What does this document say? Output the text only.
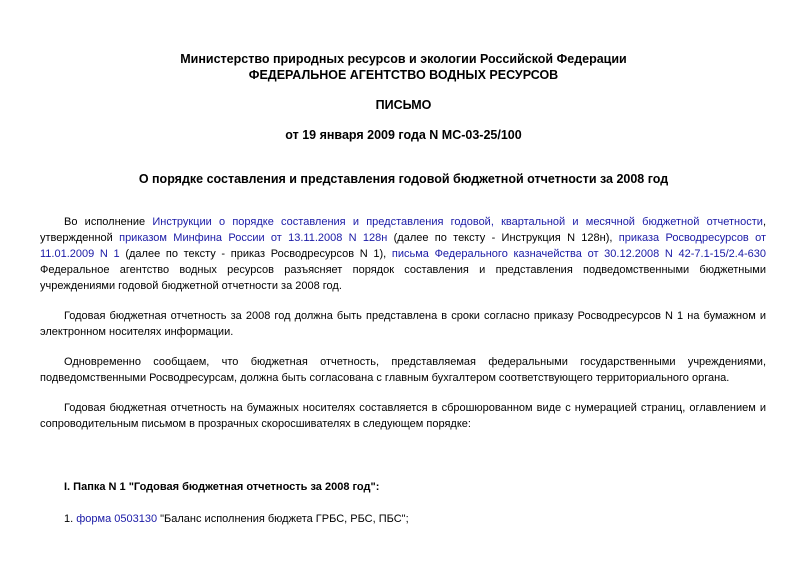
Министерство природных ресурсов и экологии Российской Федерации
ФЕДЕРАЛЬНОЕ АГЕНТСТВО ВОДНЫХ РЕСУРСОВ
ПИСЬМО
от 19 января 2009 года N МС-03-25/100
О порядке составления и представления годовой бюджетной отчетности за 2008 год
Во исполнение Инструкции о порядке составления и представления годовой, квартальной и месячной бюджетной отчетности, утвержденной приказом Минфина России от 13.11.2008 N 128н (далее по тексту - Инструкция N 128н), приказа Росводресурсов от 11.01.2009 N 1 (далее по тексту - приказ Росводресурсов N 1), письма Федерального казначейства от 30.12.2008 N 42-7.1-15/2.4-630 Федеральное агентство водных ресурсов разъясняет порядок составления и представления подведомственными бюджетными учреждениями годовой бюджетной отчетности за 2008 год.
Годовая бюджетная отчетность за 2008 год должна быть представлена в сроки согласно приказу Росводресурсов N 1 на бумажном и электронном носителях информации.
Одновременно сообщаем, что бюджетная отчетность, представляемая федеральными государственными учреждениями, подведомственными Росводресурсам, должна быть согласована с главным бухгалтером соответствующего территориального органа.
Годовая бюджетная отчетность на бумажных носителях составляется в сброшюрованном виде с нумерацией страниц, оглавлением и сопроводительным письмом в прозрачных скоросшивателях в следующем порядке:
I. Папка N 1 "Годовая бюджетная отчетность за 2008 год":
1. форма 0503130 "Баланс исполнения бюджета ГРБС, РБС, ПБС";
